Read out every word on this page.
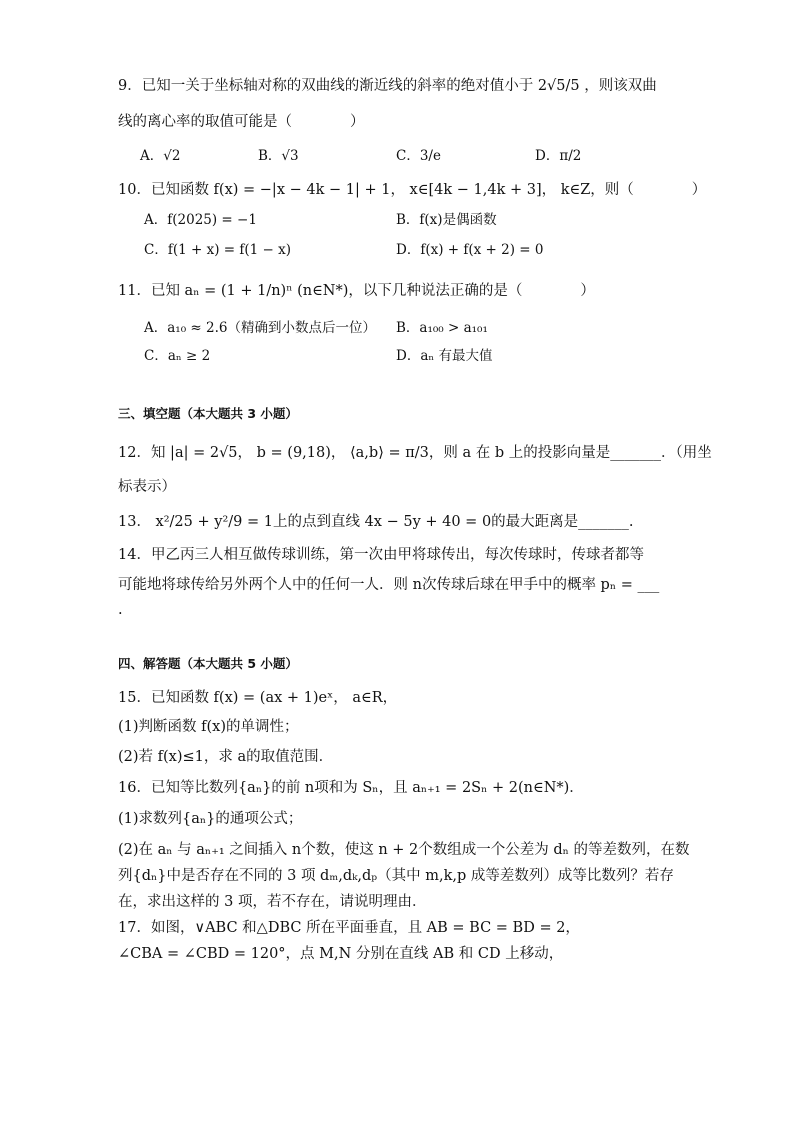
9．已知一关于坐标轴对称的双曲线的渐近线的斜率的绝对值小于 2√5/5 ，则该双曲
线的离心率的取值可能是（　　　　）
A．√2	B．√3	C．3/e	D．π/2
10．已知函数 f(x) = −|x − 4k − 1| + 1， x∈[4k − 1,4k + 3]， k∈Z，则（　　　　）
A．f(2025) = −1	B．f(x)是偶函数
C．f(1 + x) = f(1 − x)	D．f(x) + f(x + 2) = 0
11．已知 aₙ = (1 + 1/n)ⁿ (n∈N*)，以下几种说法正确的是（　　　　）
A．a₁₀ ≈ 2.6（精确到小数点后一位） B．a₁₀₀ > a₁₀₁
C．aₙ ≥ 2	D．aₙ 有最大值
三、填空题（本大题共 3 小题）
12．知 |a| = 2√5， b = (9,18)， ⟨a,b⟩ = π/3，则 a 在 b 上的投影向量是_______．（用坐
标表示）
13． x²/25 + y²/9 = 1上的点到直线 4x − 5y + 40 = 0的最大距离是_______.
14．甲乙丙三人相互做传球训练，第一次由甲将球传出，每次传球时，传球者都等
可能地将球传给另外两个人中的任何一人．则 n次传球后球在甲手中的概率 pₙ = ___
.
四、解答题（本大题共 5 小题）
15．已知函数 f(x) = (ax + 1)eˣ， a∈R，
(1)判断函数 f(x)的单调性；
(2)若 f(x)≤1，求 a的取值范围．
16．已知等比数列{aₙ}的前 n项和为 Sₙ，且 aₙ₊₁ = 2Sₙ + 2(n∈N*)．
(1)求数列{aₙ}的通项公式；
(2)在 aₙ 与 aₙ₊₁ 之间插入 n个数，使这 n + 2个数组成一个公差为 dₙ 的等差数列，在数
列{dₙ}中是否存在不同的 3 项 dₘ,dₖ,dₚ（其中 m,k,p 成等差数列）成等比数列？若存
在，求出这样的 3 项，若不存在，请说明理由．
17．如图，∨ABC 和△DBC 所在平面垂直，且 AB = BC = BD = 2，
∠CBA = ∠CBD = 120°，点 M,N 分别在直线 AB 和 CD 上移动，
